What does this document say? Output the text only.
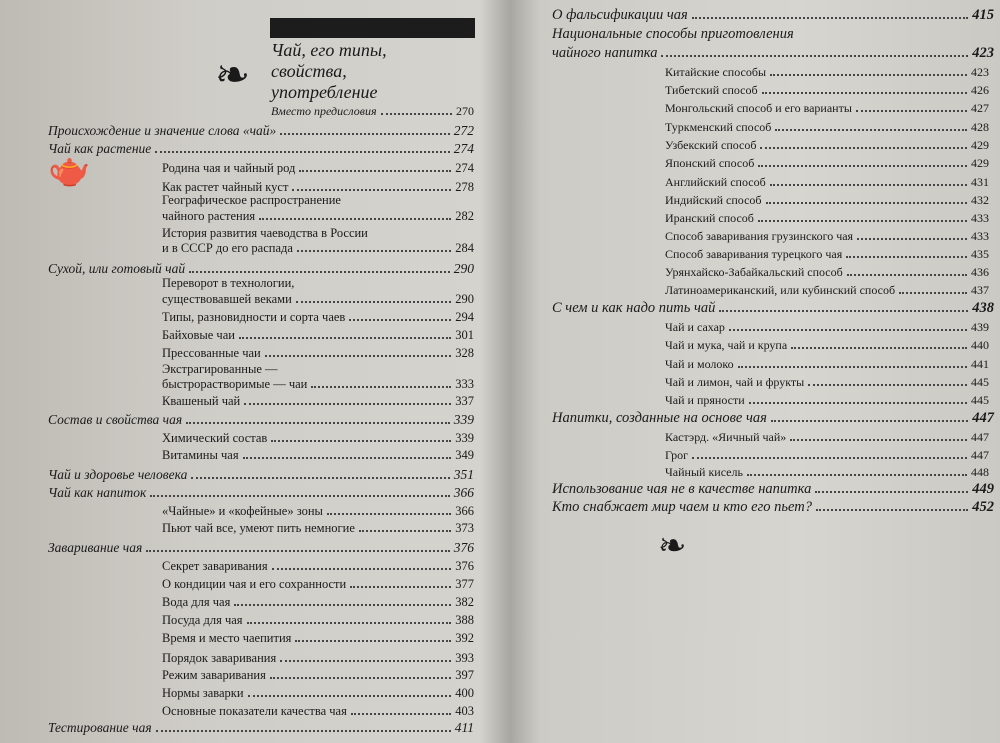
❧
🫖
Чай, его типы,
свойства,
употребление
Вместо предисловия	270
Происхождение и значение слова «чай»	272
Чай как растение	274
Родина чая и чайный род	274
Как растет чайный куст	278
Географическое распространение
чайного растения	282
История развития чаеводства в России
и в СССР до его распада	284
Сухой, или готовый чай	290
Переворот в технологии,
существовавшей веками	290
Типы, разновидности и сорта чаев	294
Байховые чаи	301
Прессованные чаи	328
Экстрагированные —
быстрорастворимые — чаи	333
Квашеный чай	337
Состав и свойства чая	339
Химический состав	339
Витамины чая	349
Чай и здоровье человека	351
Чай как напиток	366
«Чайные» и «кофейные» зоны	366
Пьют чай все, умеют пить немногие	373
Заваривание чая	376
Секрет заваривания	376
О кондиции чая и его сохранности	377
Вода для чая	382
Посуда для чая	388
Время и место чаепития	392
Порядок заваривания	393
Режим заваривания	397
Нормы заварки	400
Основные показатели качества чая	403
Тестирование чая	411
О фальсификации чая	415
Национальные способы приготовления
чайного напитка	423
Китайские способы	423
Тибетский способ	426
Монгольский способ и его варианты	427
Туркменский способ	428
Узбекский способ	429
Японский способ	429
Английский способ	431
Индийский способ	432
Иранский способ	433
Способ заваривания грузинского чая	433
Способ заваривания турецкого чая	435
Урянхайско-Забайкальский способ	436
Латиноамериканский, или кубинский способ	437
С чем и как надо пить чай	438
Чай и сахар	439
Чай и мука, чай и крупа	440
Чай и молоко	441
Чай и лимон, чай и фрукты	445
Чай и пряности	445
Напитки, созданные на основе чая	447
Кастэрд. «Яичный чай»	447
Грог	447
Чайный кисель	448
Использование чая не в качестве напитка	449
Кто снабжает мир чаем и кто его пьет?	452
❧
